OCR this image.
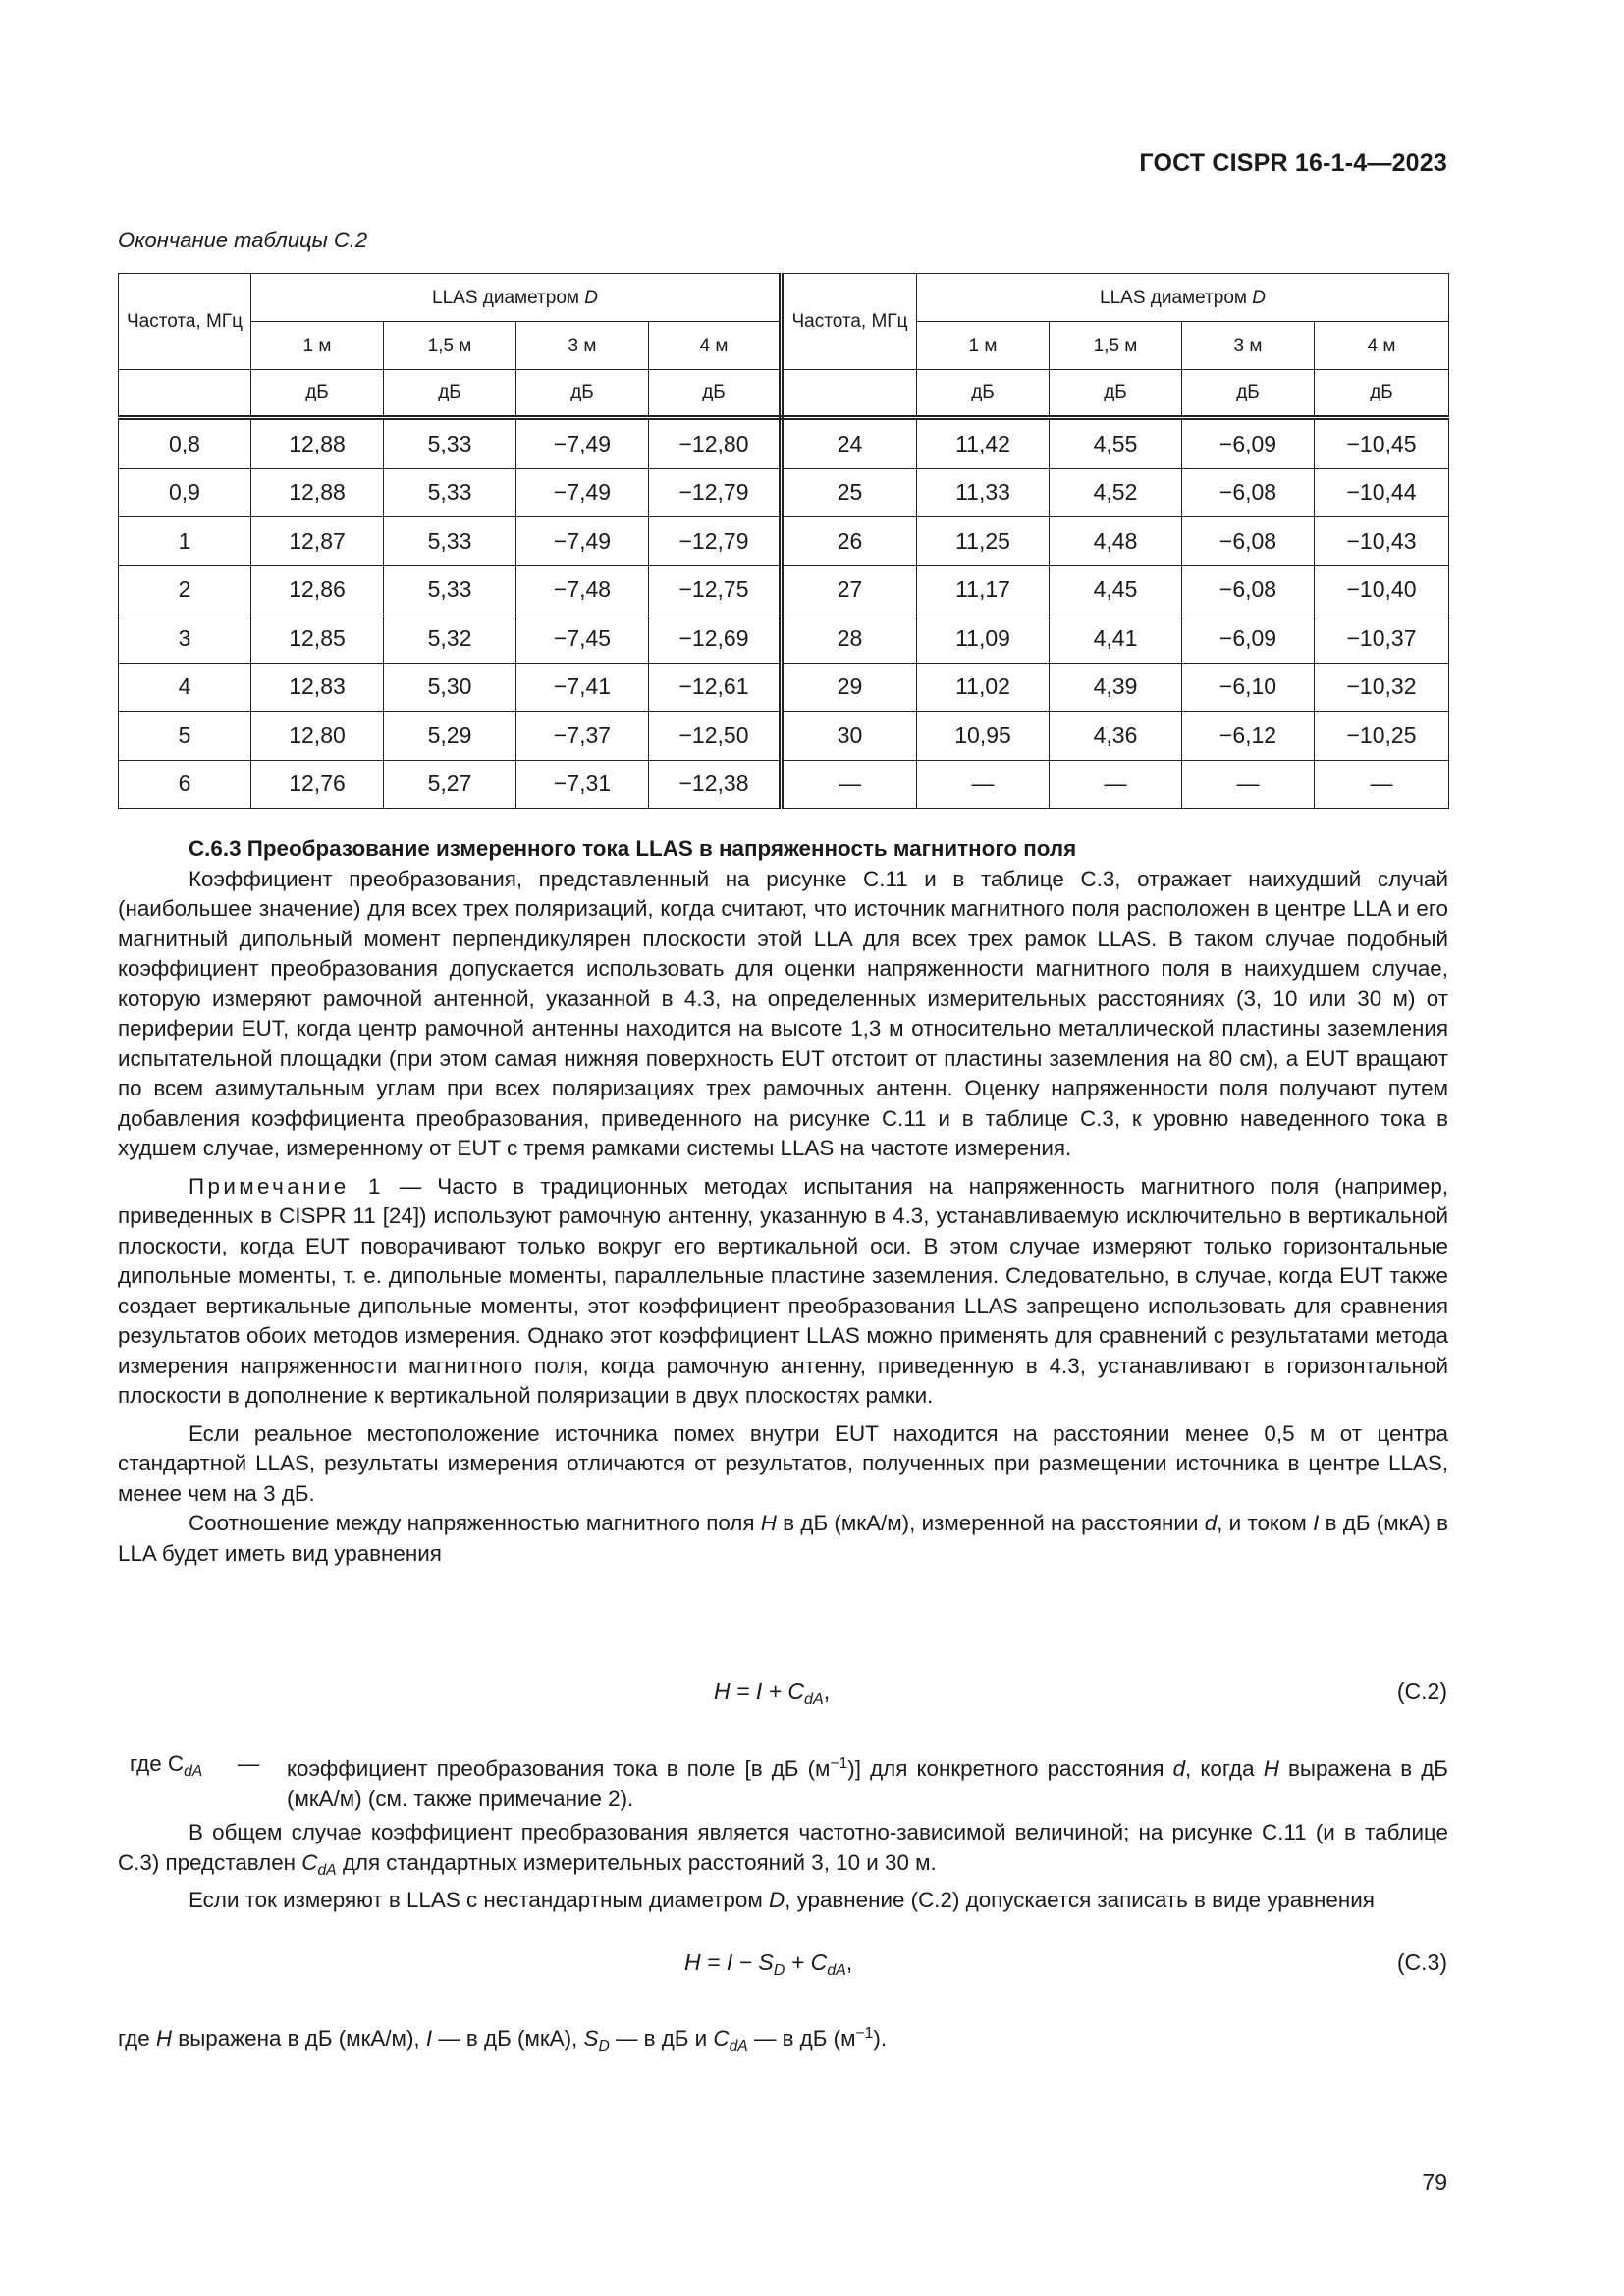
ГОСТ CISPR 16-1-4—2023
Окончание таблицы C.2
Частота, МГц	LLAS диаметром D				Частота, МГц	LLAS диаметром D			
	1 м	1,5 м	3 м	4 м		1 м	1,5 м	3 м	4 м
	дБ	дБ	дБ	дБ		дБ	дБ	дБ	дБ
0,8	12,88	5,33	−7,49	−12,80	24	11,42	4,55	−6,09	−10,45
0,9	12,88	5,33	−7,49	−12,79	25	11,33	4,52	−6,08	−10,44
1	12,87	5,33	−7,49	−12,79	26	11,25	4,48	−6,08	−10,43
2	12,86	5,33	−7,48	−12,75	27	11,17	4,45	−6,08	−10,40
3	12,85	5,32	−7,45	−12,69	28	11,09	4,41	−6,09	−10,37
4	12,83	5,30	−7,41	−12,61	29	11,02	4,39	−6,10	−10,32
5	12,80	5,29	−7,37	−12,50	30	10,95	4,36	−6,12	−10,25
6	12,76	5,27	−7,31	−12,38	—	—	—	—	—

C.6.3 Преобразование измеренного тока LLAS в напряженность магнитного поля

Коэффициент преобразования, представленный на рисунке C.11 и в таблице C.3, отражает наихудший случай (наибольшее значение) для всех трех поляризаций, когда считают, что источник магнитного поля расположен в центре LLA и его магнитный дипольный момент перпендикулярен плоскости этой LLA для всех трех рамок LLAS. В таком случае подобный коэффициент преобразования допускается использовать для оценки напряженности магнитного поля в наихудшем случае, которую измеряют рамочной антенной, указанной в 4.3, на определенных измерительных расстояниях (3, 10 или 30 м) от периферии EUT, когда центр рамочной антенны находится на высоте 1,3 м относительно металлической пластины заземления испытательной площадки (при этом самая нижняя поверхность EUT отстоит от пластины заземления на 80 см), а EUT вращают по всем азимутальным углам при всех поляризациях трех рамочных антенн. Оценку напряженности поля получают путем добавления коэффициента преобразования, приведенного на рисунке C.11 и в таблице C.3, к уровню наведенного тока в худшем случае, измеренному от EUT с тремя рамками системы LLAS на частоте измерения.

Примечание 1 — Часто в традиционных методах испытания на напряженность магнитного поля (например, приведенных в CISPR 11 [24]) используют рамочную антенну, указанную в 4.3, устанавливаемую исключительно в вертикальной плоскости, когда EUT поворачивают только вокруг его вертикальной оси. В этом случае измеряют только горизонтальные дипольные моменты, т. е. дипольные моменты, параллельные пластине заземления. Следовательно, в случае, когда EUT также создает вертикальные дипольные моменты, этот коэффициент преобразования LLAS запрещено использовать для сравнения результатов обоих методов измерения. Однако этот коэффициент LLAS можно применять для сравнений с результатами метода измерения напряженности магнитного поля, когда рамочную антенну, приведенную в 4.3, устанавливают в горизонтальной плоскости в дополнение к вертикальной поляризации в двух плоскостях рамки.

Если реальное местоположение источника помех внутри EUT находится на расстоянии менее 0,5 м от центра стандартной LLAS, результаты измерения отличаются от результатов, полученных при размещении источника в центре LLAS, менее чем на 3 дБ.

Соотношение между напряженностью магнитного поля H в дБ (мкА/м), измеренной на расстоянии d, и током I в дБ (мкА) в LLA будет иметь вид уравнения

$H = I + C_{dA}$,	(C.2)
где $C_{dA}$ — коэффициент преобразования тока в поле [в дБ $(м^{-1})$] для конкретного расстояния d, когда H выражена в дБ (мкА/м) (см. также примечание 2).

В общем случае коэффициент преобразования является частотно-зависимой величиной; на рисунке C.11 (и в таблице C.3) представлен $C_{dA}$ для стандартных измерительных расстояний 3, 10 и 30 м.

Если ток измеряют в LLAS с нестандартным диаметром D, уравнение (C.2) допускается записать в виде уравнения

$H = I - S_D + C_{dA}$,	(C.3)

где H выражена в дБ (мкА/м), I — в дБ (мкА), $S_D$ — в дБ и $C_{dA}$ — в дБ $(м^{-1})$.

79
